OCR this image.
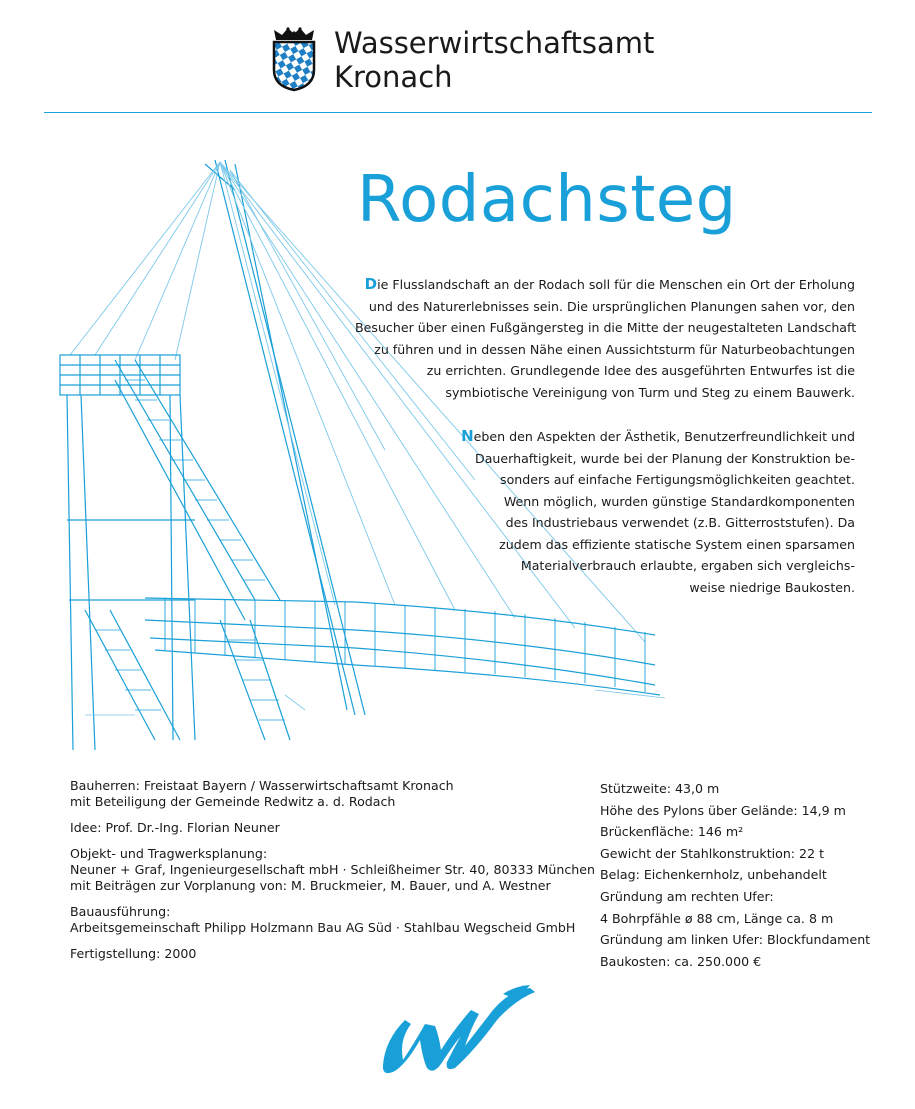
Wasserwirtschaftsamt
Kronach
Rodachsteg
Die Flusslandschaft an der Rodach soll für die Menschen ein Ort der Erholung
und des Naturerlebnisses sein. Die ursprünglichen Planungen sahen vor, den
Besucher über einen Fußgängersteg in die Mitte der neugestalteten Landschaft
zu führen und in dessen Nähe einen Aussichtsturm für Naturbeobachtungen
zu errichten. Grundlegende Idee des ausgeführten Entwurfes ist die
symbiotische Vereinigung von Turm und Steg zu einem Bauwerk.
Neben den Aspekten der Ästhetik, Benutzerfreundlichkeit und
Dauerhaftigkeit, wurde bei der Planung der Konstruktion be-
sonders auf einfache Fertigungsmöglichkeiten geachtet.
Wenn möglich, wurden günstige Standardkomponenten
des Industriebaus verwendet (z.B. Gitterroststufen). Da
zudem das effiziente statische System einen sparsamen
Materialverbrauch erlaubte, ergaben sich vergleichs-
weise niedrige Baukosten.
Bauherren: Freistaat Bayern / Wasserwirtschaftsamt Kronach
mit Beteiligung der Gemeinde Redwitz a. d. Rodach
Idee: Prof. Dr.-Ing. Florian Neuner
Objekt- und Tragwerksplanung:
Neuner + Graf, Ingenieurgesellschaft mbH · Schleißheimer Str. 40, 80333 München
mit Beiträgen zur Vorplanung von: M. Bruckmeier, M. Bauer, und A. Westner
Bauausführung:
Arbeitsgemeinschaft Philipp Holzmann Bau AG Süd · Stahlbau Wegscheid GmbH
Fertigstellung: 2000
Stützweite: 43,0 m
Höhe des Pylons über Gelände: 14,9 m
Brückenfläche: 146 m²
Gewicht der Stahlkonstruktion: 22 t
Belag: Eichenkernholz, unbehandelt
Gründung am rechten Ufer:
4 Bohrpfähle ø 88 cm, Länge ca. 8 m
Gründung am linken Ufer: Blockfundament
Baukosten: ca. 250.000 €
